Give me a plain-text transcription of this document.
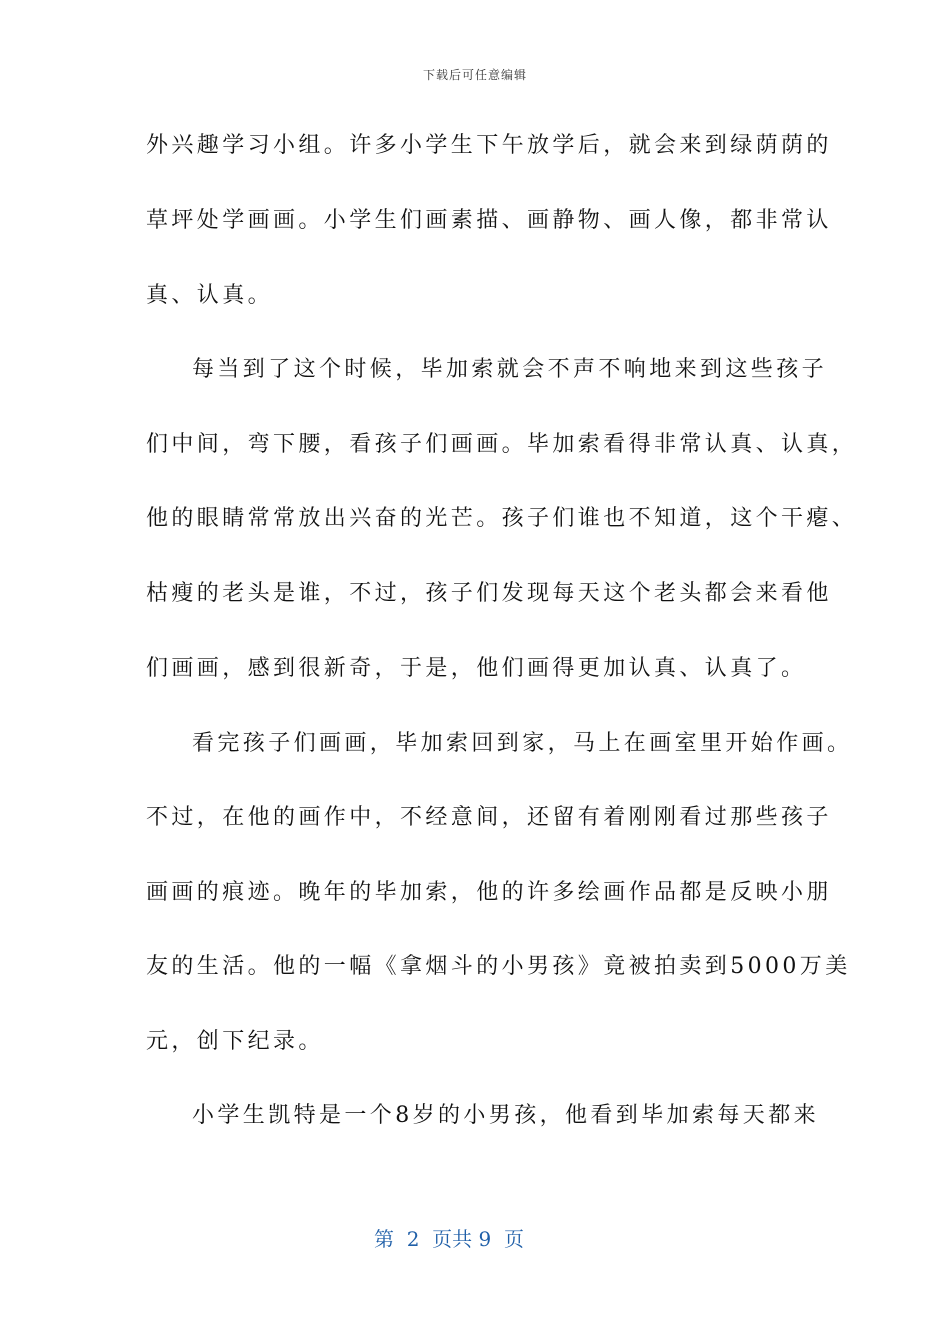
下载后可任意编辑
外兴趣学习小组。许多小学生下午放学后，就会来到绿荫荫的
草坪处学画画。小学生们画素描、画静物、画人像，都非常认
真、认真。
每当到了这个时候，毕加索就会不声不响地来到这些孩子
们中间，弯下腰，看孩子们画画。毕加索看得非常认真、认真，
他的眼睛常常放出兴奋的光芒。孩子们谁也不知道，这个干瘪、
枯瘦的老头是谁，不过，孩子们发现每天这个老头都会来看他
们画画，感到很新奇，于是，他们画得更加认真、认真了。
看完孩子们画画，毕加索回到家，马上在画室里开始作画。
不过，在他的画作中，不经意间，还留有着刚刚看过那些孩子
画画的痕迹。晚年的毕加索，他的许多绘画作品都是反映小朋
友的生活。他的一幅《拿烟斗的小男孩》竟被拍卖到5000万美
元，创下纪录。
小学生凯特是一个8岁的小男孩，他看到毕加索每天都来
第  2  页共 9  页
